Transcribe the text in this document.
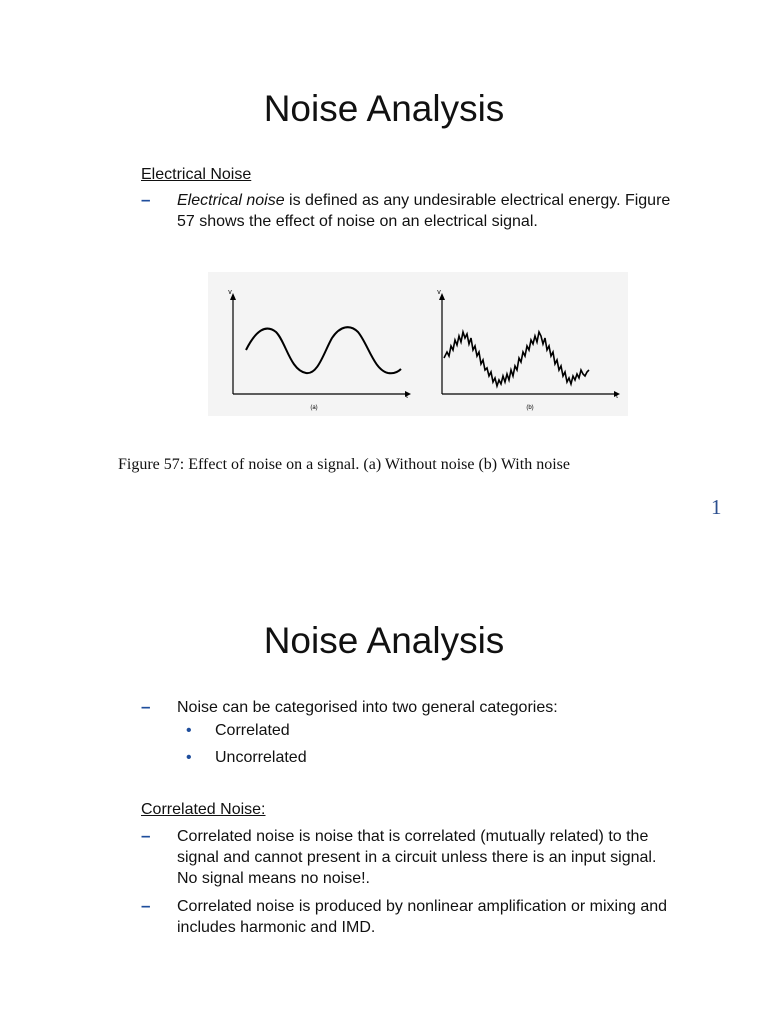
Noise Analysis

Electrical Noise

–

Electrical noise is defined as any undesirable electrical energy. Figure
57 shows the effect of noise on an electrical signal.

v
t
(a)
v
t
(b)

Figure 57: Effect of noise on a signal. (a) Without noise (b) With noise

1
Noise Analysis
–

Noise can be categorised into two general categories:

•

Correlated

•

Uncorrelated

Correlated Noise:

–

Correlated noise is noise that is correlated (mutually related) to the
signal and cannot present in a circuit unless there is an input signal.
No signal means no noise!.

–

Correlated noise is produced by nonlinear amplification or mixing and
includes harmonic and IMD.
